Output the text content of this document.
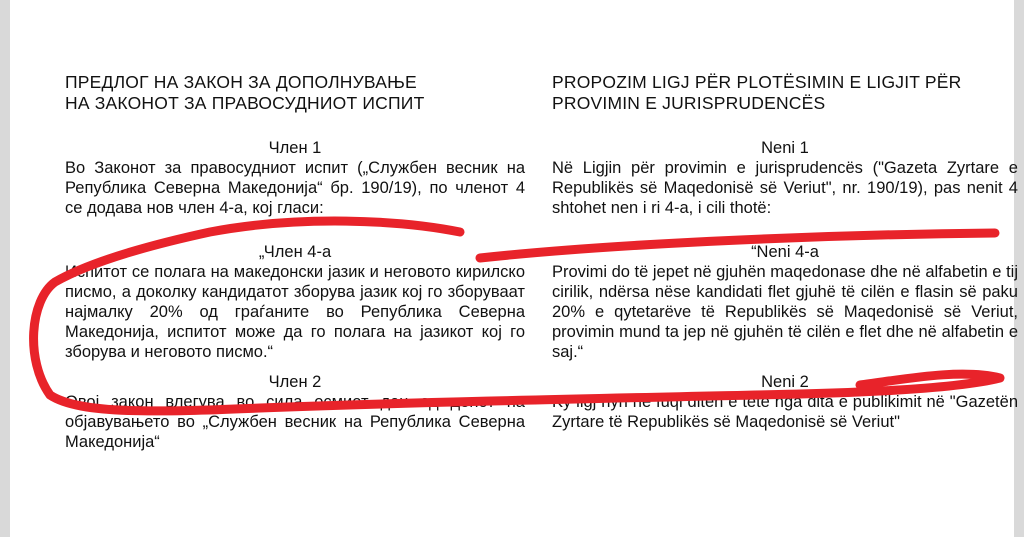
ПРЕДЛОГ НА ЗАКОН ЗА ДОПОЛНУВАЊЕ
НА ЗАКОНОТ ЗА ПРАВОСУДНИОТ ИСПИТ

Член 1

Во Законот за правосудниот испит („Службен весник на Република Северна Македонија“ бр. 190/19), по членот 4 се додава нов член 4-а, кој гласи:

„Член 4-а

Испитот се полага на македонски јазик и неговото кирилско писмо, а доколку кандидатот зборува јазик кој го зборуваат најмалку 20% од граѓаните во Република Северна Македонија, испитот може да го полага на јазикот кој го зборува и неговото писмо.“

Член 2

Овој закон влегува во сила осмиот ден од денот на објавувањето во „Службен весник на Република Северна Македонија“

PROPOZIM LIGJ PËR PLOTËSIMIN E LIGJIT PËR
PROVIMIN E JURISPRUDENCËS

Neni 1

Në Ligjin për provimin e jurisprudencës ("Gazeta Zyrtare e Republikës së Maqedonisë së Veriut", nr. 190/19), pas nenit 4 shtohet nen i ri 4-a, i cili thotë:

“Neni 4-a

Provimi do të jepet në gjuhën maqedonase dhe në alfabetin e tij cirilik, ndërsa nëse kandidati flet gjuhë të cilën e flasin së paku 20% e qytetarëve të Republikës së Maqedonisë së Veriut, provimin mund ta jep në gjuhën të cilën e flet dhe në alfabetin e saj.“

Neni 2

Ky ligj hyn në fuqi ditën e tetë nga dita e publikimit në "Gazetën Zyrtare të Republikës së Maqedonisë së Veriut"
